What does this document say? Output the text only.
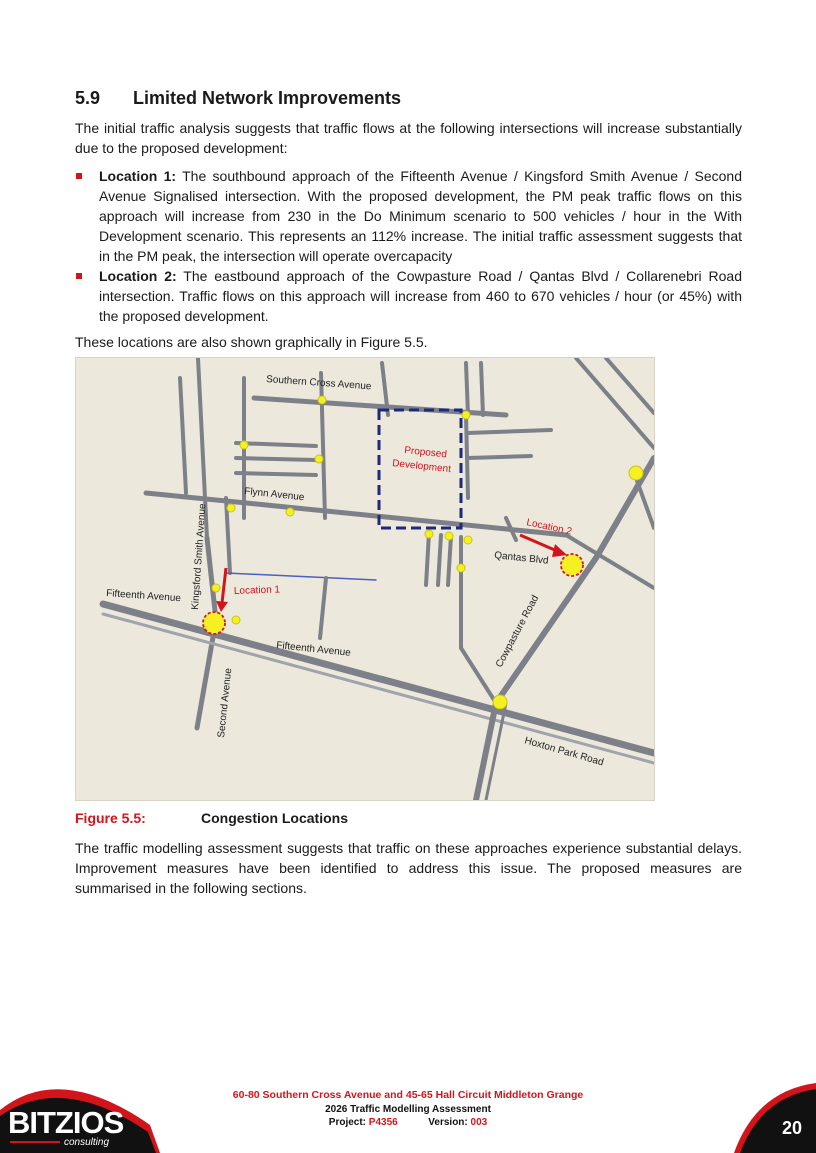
5.9 Limited Network Improvements

The initial traffic analysis suggests that traffic flows at the following intersections will increase substantially due to the proposed development:

Location 1: The southbound approach of the Fifteenth Avenue / Kingsford Smith Avenue / Second Avenue Signalised intersection. With the proposed development, the PM peak traffic flows on this approach will increase from 230 in the Do Minimum scenario to 500 vehicles / hour in the With Development scenario. This represents an 112% increase. The initial traffic assessment suggests that in the PM peak, the intersection will operate overcapacity
Location 2: The eastbound approach of the Cowpasture Road / Qantas Blvd / Collarenebri Road intersection. Traffic flows on this approach will increase from 460 to 670 vehicles / hour (or 45%) with the proposed development.

These locations are also shown graphically in Figure 5.5.

Southern Cross Avenue
Flynn Avenue
Kingsford Smith Avenue
Fifteenth Avenue
Fifteenth Avenue
Second Avenue
Qantas Blvd
Cowpasture Road
Hoxton Park Road
Proposed
Development
Location 1
Location 2
Figure 5.5:	Congestion Locations

The traffic modelling assessment suggests that traffic on these approaches experience substantial delays. Improvement measures have been identified to address this issue. The proposed measures are summarised in the following sections.

BITZIOS
consulting
60-80 Southern Cross Avenue and 45-65 Hall Circuit Middleton Grange
2026 Traffic Modelling Assessment
Project: P4356	Version: 003	20
